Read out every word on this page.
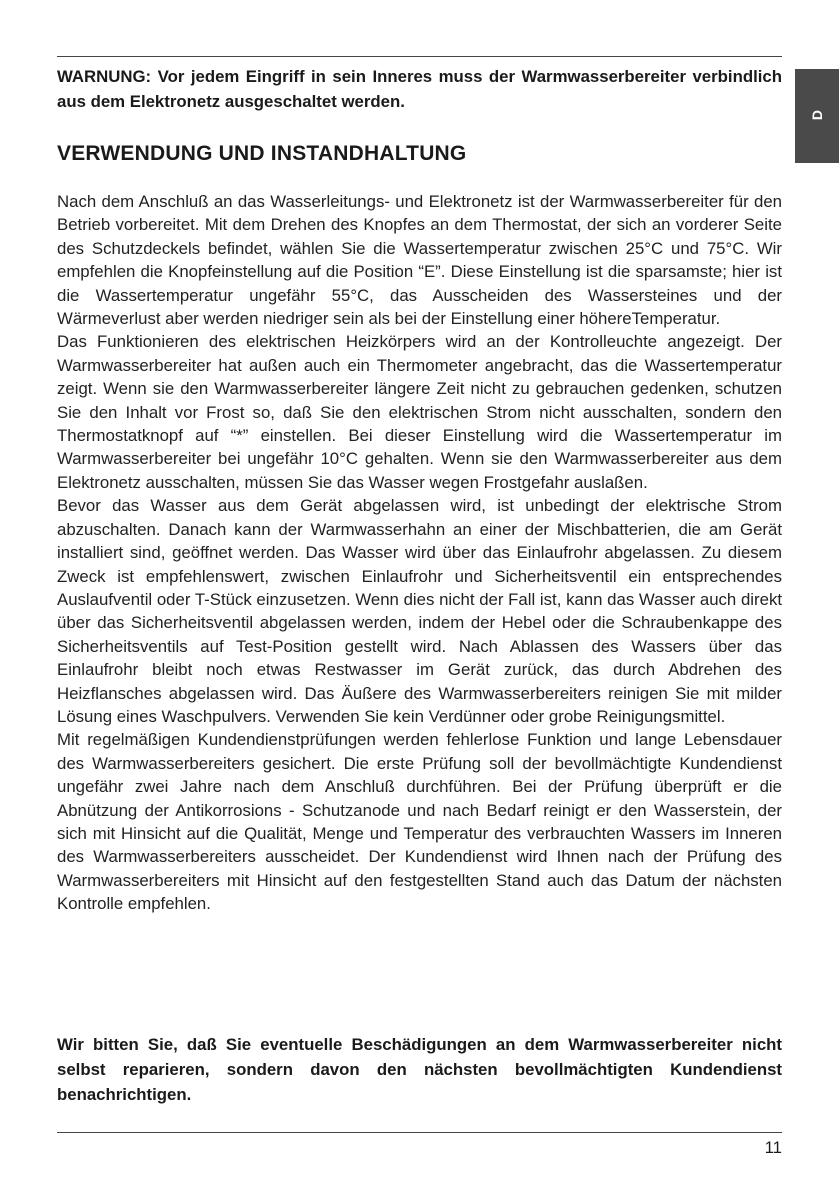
D

WARNUNG: Vor jedem Eingriff in sein Inneres muss der Warmwasserbereiter verbindlich aus dem Elektronetz ausgeschaltet werden.

VERWENDUNG UND INSTANDHALTUNG

Nach dem Anschluß an das Wasserleitungs- und Elektronetz ist der Warmwasserbereiter für den Betrieb vorbereitet. Mit dem Drehen des Knopfes an dem Thermostat, der sich an vorderer Seite des Schutzdeckels befindet, wählen Sie die Wassertemperatur zwischen 25°C und 75°C. Wir empfehlen die Knopfeinstellung auf die Position “E”. Diese Einstellung ist die sparsamste; hier ist die Wassertemperatur ungefähr 55°C, das Ausscheiden des Wassersteines und der Wärmeverlust aber werden niedriger sein als bei der Einstellung einer höhereTemperatur.

Das Funktionieren des elektrischen Heizkörpers wird an der Kontrolleuchte angezeigt. Der Warmwasserbereiter hat außen auch ein Thermometer angebracht, das die Wassertemperatur zeigt. Wenn sie den Warmwasserbereiter längere Zeit nicht zu gebrauchen gedenken, schutzen Sie den Inhalt vor Frost so, daß Sie den elektrischen Strom nicht ausschalten, sondern den Thermostatknopf auf “*” einstellen. Bei dieser Einstellung wird die Wassertemperatur im Warmwasserbereiter bei ungefähr 10°C gehalten. Wenn sie den Warmwasserbereiter aus dem Elektronetz ausschalten, müssen Sie das Wasser wegen Frostgefahr auslaßen.

Bevor das Wasser aus dem Gerät abgelassen wird, ist unbedingt der elektrische Strom abzuschalten. Danach kann der Warmwasserhahn an einer der Mischbatterien, die am Gerät installiert sind, geöffnet werden. Das Wasser wird über das Einlaufrohr abgelassen. Zu diesem Zweck ist empfehlenswert, zwischen Einlaufrohr und Sicherheitsventil ein entsprechendes Auslaufventil oder T-Stück einzusetzen. Wenn dies nicht der Fall ist, kann das Wasser auch direkt über das Sicherheitsventil abgelassen werden, indem der Hebel oder die Schraubenkappe des Sicherheitsventils auf Test-Position gestellt wird. Nach Ablassen des Wassers über das Einlaufrohr bleibt noch etwas Restwasser im Gerät zurück, das durch Abdrehen des Heizflansches abgelassen wird. Das Äußere des Warmwasserbereiters reinigen Sie mit milder Lösung eines Waschpulvers. Verwenden Sie kein Verdünner oder grobe Reinigungsmittel.

Mit regelmäßigen Kundendienstprüfungen werden fehlerlose Funktion und lange Lebensdauer des Warmwasserbereiters gesichert. Die erste Prüfung soll der bevollmächtigte Kundendienst ungefähr zwei Jahre nach dem Anschluß durchführen. Bei der Prüfung überprüft er die Abnützung der Antikorrosions - Schutzanode und nach Bedarf reinigt er den Wasserstein, der sich mit Hinsicht auf die Qualität, Menge und Temperatur des verbrauchten Wassers im Inneren des Warmwasserbereiters ausscheidet. Der Kundendienst wird Ihnen nach der Prüfung des Warmwasserbereiters mit Hinsicht auf den festgestellten Stand auch das Datum der nächsten Kontrolle empfehlen.

Wir bitten Sie, daß Sie eventuelle Beschädigungen an dem Warmwasserbereiter nicht selbst reparieren, sondern davon den nächsten bevollmächtigten Kundendienst benachrichtigen.

11
